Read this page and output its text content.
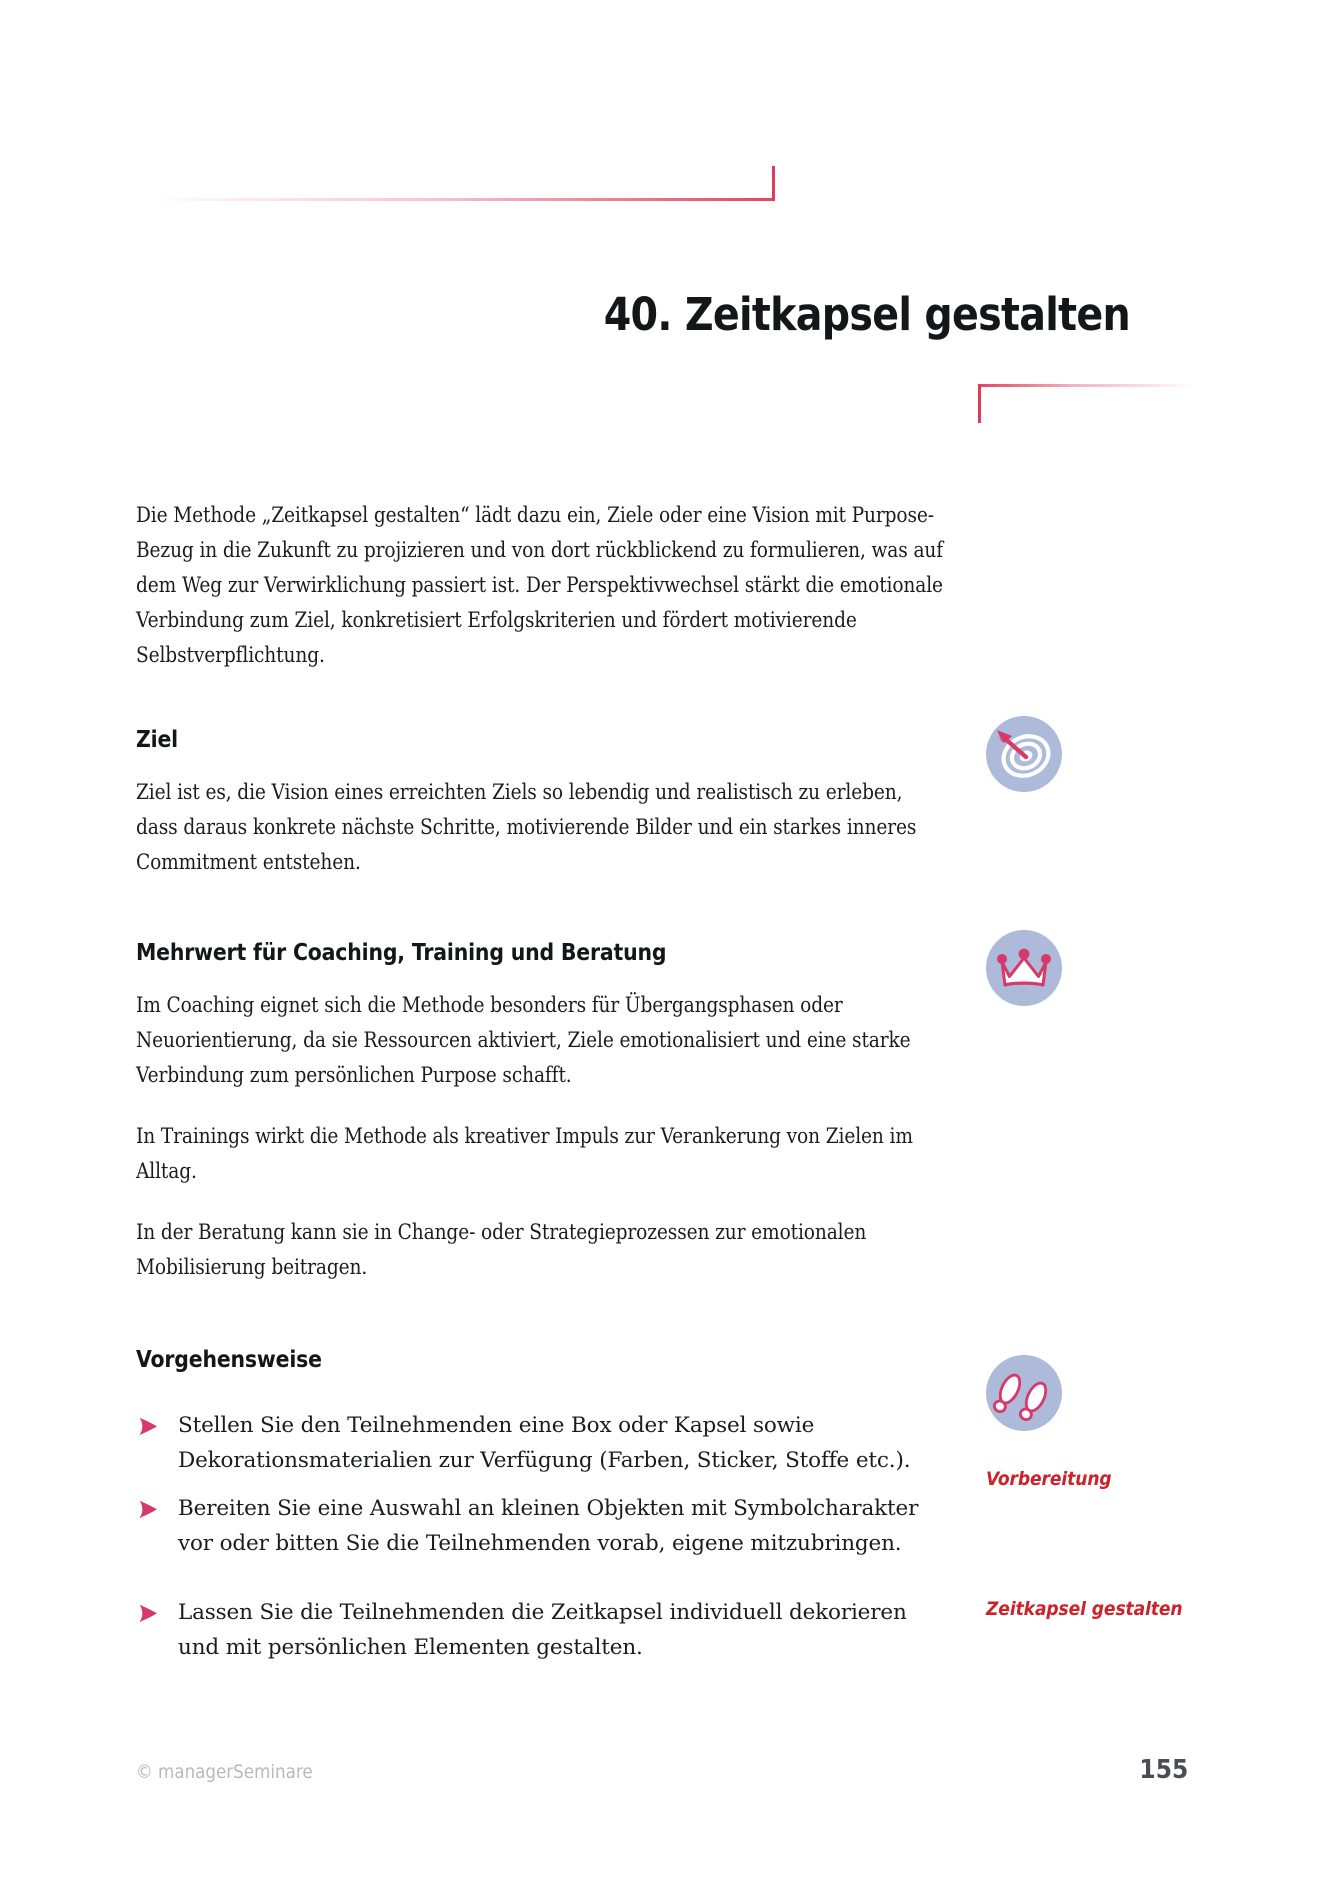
40. Zeitkapsel gestalten

Die Methode „Zeitkapsel gestalten“ lädt dazu ein, Ziele oder eine Vision mit Purpose-Bezug in die Zukunft zu projizieren und von dort rückblickend zu formulieren, was auf dem Weg zur Verwirklichung passiert ist. Der Perspektivwechsel stärkt die emotionale Verbindung zum Ziel, konkretisiert Erfolgskriterien und fördert motivierende Selbstverpflichtung.

Ziel

Ziel ist es, die Vision eines erreichten Ziels so lebendig und realistisch zu erleben, dass daraus konkrete nächste Schritte, motivierende Bilder und ein starkes inneres Commitment entstehen.

Mehrwert für Coaching, Training und Beratung

Im Coaching eignet sich die Methode besonders für Übergangsphasen oder Neuorientierung, da sie Ressourcen aktiviert, Ziele emotionalisiert und eine starke Verbindung zum persönlichen Purpose schafft.

In Trainings wirkt die Methode als kreativer Impuls zur Verankerung von Zielen im Alltag.

In der Beratung kann sie in Change- oder Strategieprozessen zur emotionalen Mobilisierung beitragen.

Vorgehensweise
Stellen Sie den Teilnehmenden eine Box oder Kapsel sowie Dekorationsmaterialien zur Verfügung (Farben, Sticker, Stoffe etc.).
Bereiten Sie eine Auswahl an kleinen Objekten mit Symbolcharakter vor oder bitten Sie die Teilnehmenden vorab, eigene mitzubringen.
Lassen Sie die Teilnehmenden die Zeitkapsel individuell dekorieren und mit persönlichen Elementen gestalten.
Vorbereitung
Zeitkapsel gestalten
© managerSeminare	155
